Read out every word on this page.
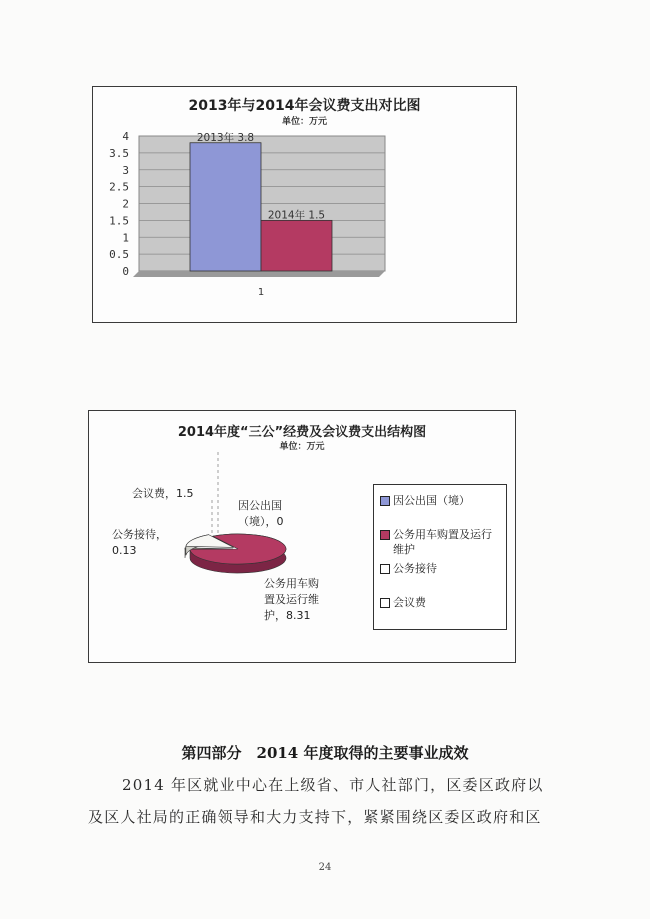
2013年与2014年会议费支出对比图
单位：万元
0
0.5
1
1.5
2
2.5
3
3.5
4	2013年 3.8
2014年 1.5
1
2014年度“三公”经费及会议费支出结构图
单位：万元
会议费，1.5
因公出国
（境），0
公务接待，
0.13
公务用车购
置及运行维
护，8.31
因公出国（境）
公务用车购置及运行维护
公务接待
会议费
第四部分　2014 年度取得的主要事业成效
2014 年区就业中心在上级省、市人社部门，区委区政府以
及区人社局的正确领导和大力支持下，紧紧围绕区委区政府和区
24
